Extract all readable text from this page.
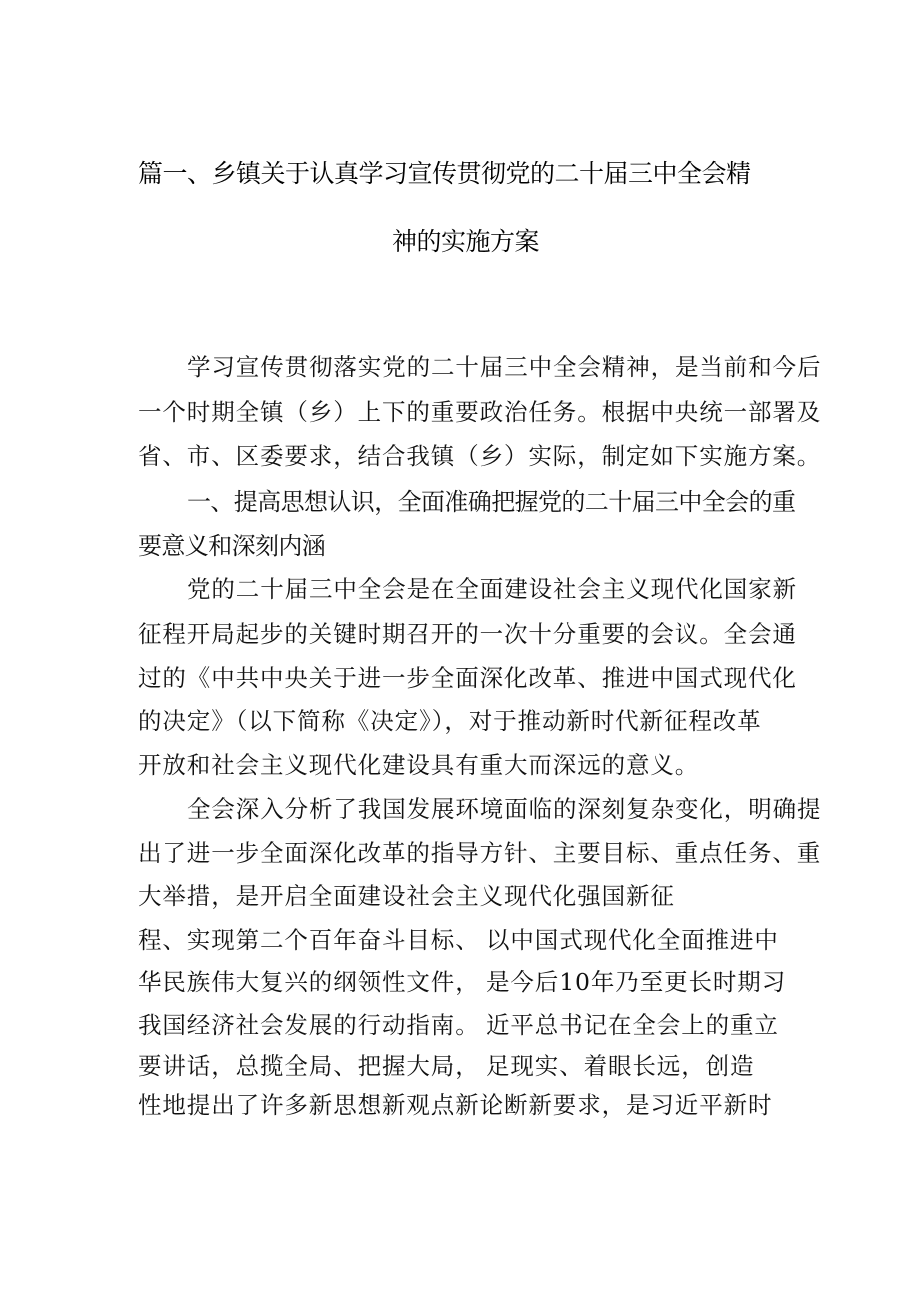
篇一、乡镇关于认真学习宣传贯彻党的二十届三中全会精
神的实施方案
学习宣传贯彻落实党的二十届三中全会精神，是当前和今后
一个时期全镇（乡）上下的重要政治任务。根据中央统一部署及
省、市、区委要求，结合我镇（乡）实际，制定如下实施方案。
一、提高思想认识，全面准确把握党的二十届三中全会的重
要意义和深刻内涵
党的二十届三中全会是在全面建设社会主义现代化国家新
征程开局起步的关键时期召开的一次十分重要的会议。全会通
过的《中共中央关于进一步全面深化改革、推进中国式现代化
的决定》（以下简称《决定》），对于推动新时代新征程改革
开放和社会主义现代化建设具有重大而深远的意义。
全会深入分析了我国发展环境面临的深刻复杂变化，明确提
出了进一步全面深化改革的指导方针、主要目标、重点任务、重
大举措，是开启全面建设社会主义现代化强国新征
程、实现第二个百年奋斗目标、 以中国式现代化全面推进中
华民族伟大复兴的纲领性文件， 是今后10年乃至更长时期习
我国经济社会发展的行动指南。 近平总书记在全会上的重立
要讲话，总揽全局、把握大局， 足现实、着眼长远，创造
性地提出了许多新思想新观点新论断新要求，是习近平新时
